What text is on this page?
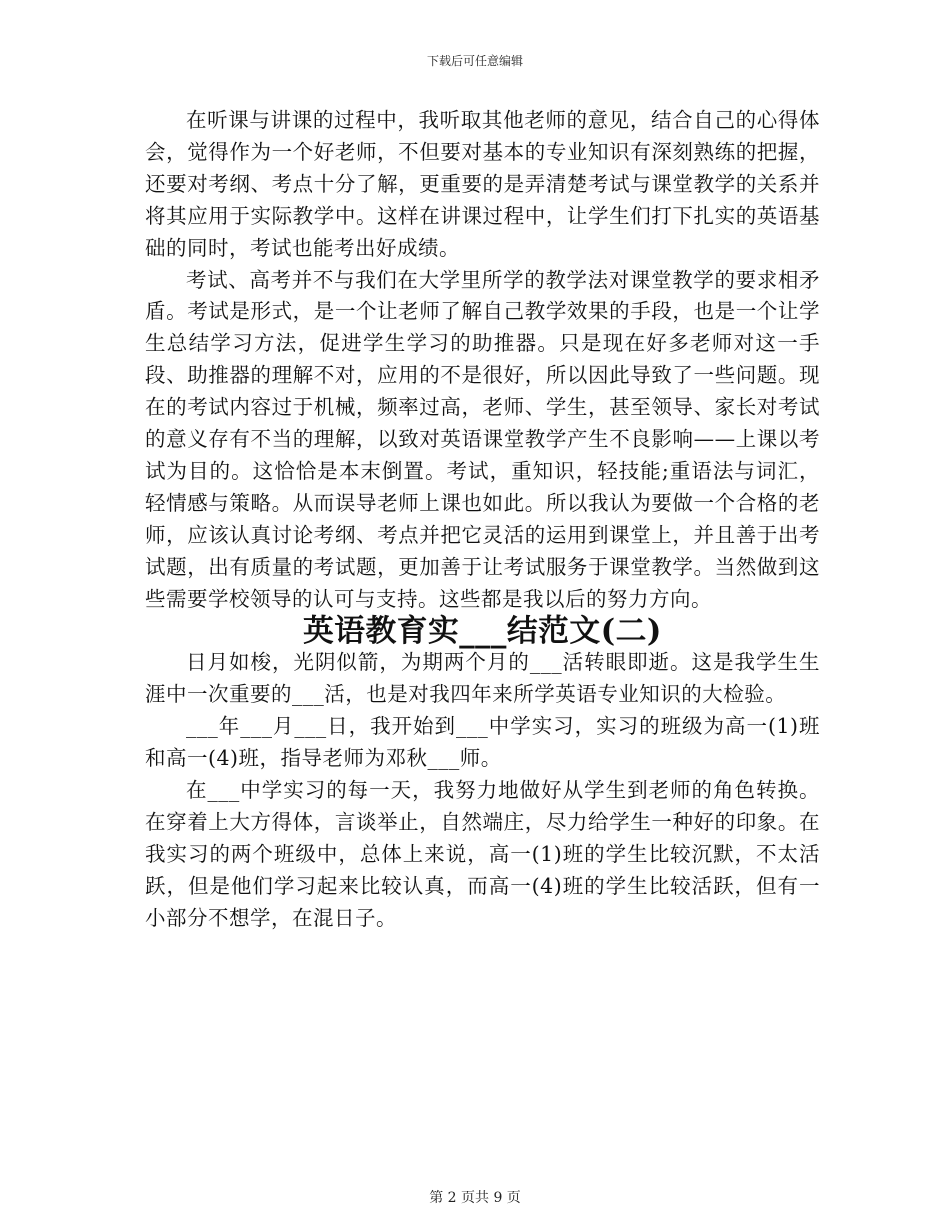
下载后可任意编辑

在听课与讲课的过程中，我听取其他老师的意见，结合自己的心得体会，觉得作为一个好老师，不但要对基本的专业知识有深刻熟练的把握，还要对考纲、考点十分了解，更重要的是弄清楚考试与课堂教学的关系并将其应用于实际教学中。这样在讲课过程中，让学生们打下扎实的英语基础的同时，考试也能考出好成绩。

考试、高考并不与我们在大学里所学的教学法对课堂教学的要求相矛盾。考试是形式，是一个让老师了解自己教学效果的手段，也是一个让学生总结学习方法，促进学生学习的助推器。只是现在好多老师对这一手段、助推器的理解不对，应用的不是很好，所以因此导致了一些问题。现在的考试内容过于机械，频率过高，老师、学生，甚至领导、家长对考试的意义存有不当的理解，以致对英语课堂教学产生不良影响——上课以考试为目的。这恰恰是本末倒置。考试，重知识，轻技能;重语法与词汇，轻情感与策略。从而误导老师上课也如此。所以我认为要做一个合格的老师，应该认真讨论考纲、考点并把它灵活的运用到课堂上，并且善于出考试题，出有质量的考试题，更加善于让考试服务于课堂教学。当然做到这些需要学校领导的认可与支持。这些都是我以后的努力方向。

英语教育实___结范文(二)

日月如梭，光阴似箭，为期两个月的___活转眼即逝。这是我学生生涯中一次重要的___活，也是对我四年来所学英语专业知识的大检验。

___年___月___日，我开始到___中学实习，实习的班级为高一(1)班和高一(4)班，指导老师为邓秋___师。

在___中学实习的每一天，我努力地做好从学生到老师的角色转换。在穿着上大方得体，言谈举止，自然端庄，尽力给学生一种好的印象。在我实习的两个班级中，总体上来说，高一(1)班的学生比较沉默，不太活跃，但是他们学习起来比较认真，而高一(4)班的学生比较活跃，但有一小部分不想学，在混日子。

第 2 页共 9 页
